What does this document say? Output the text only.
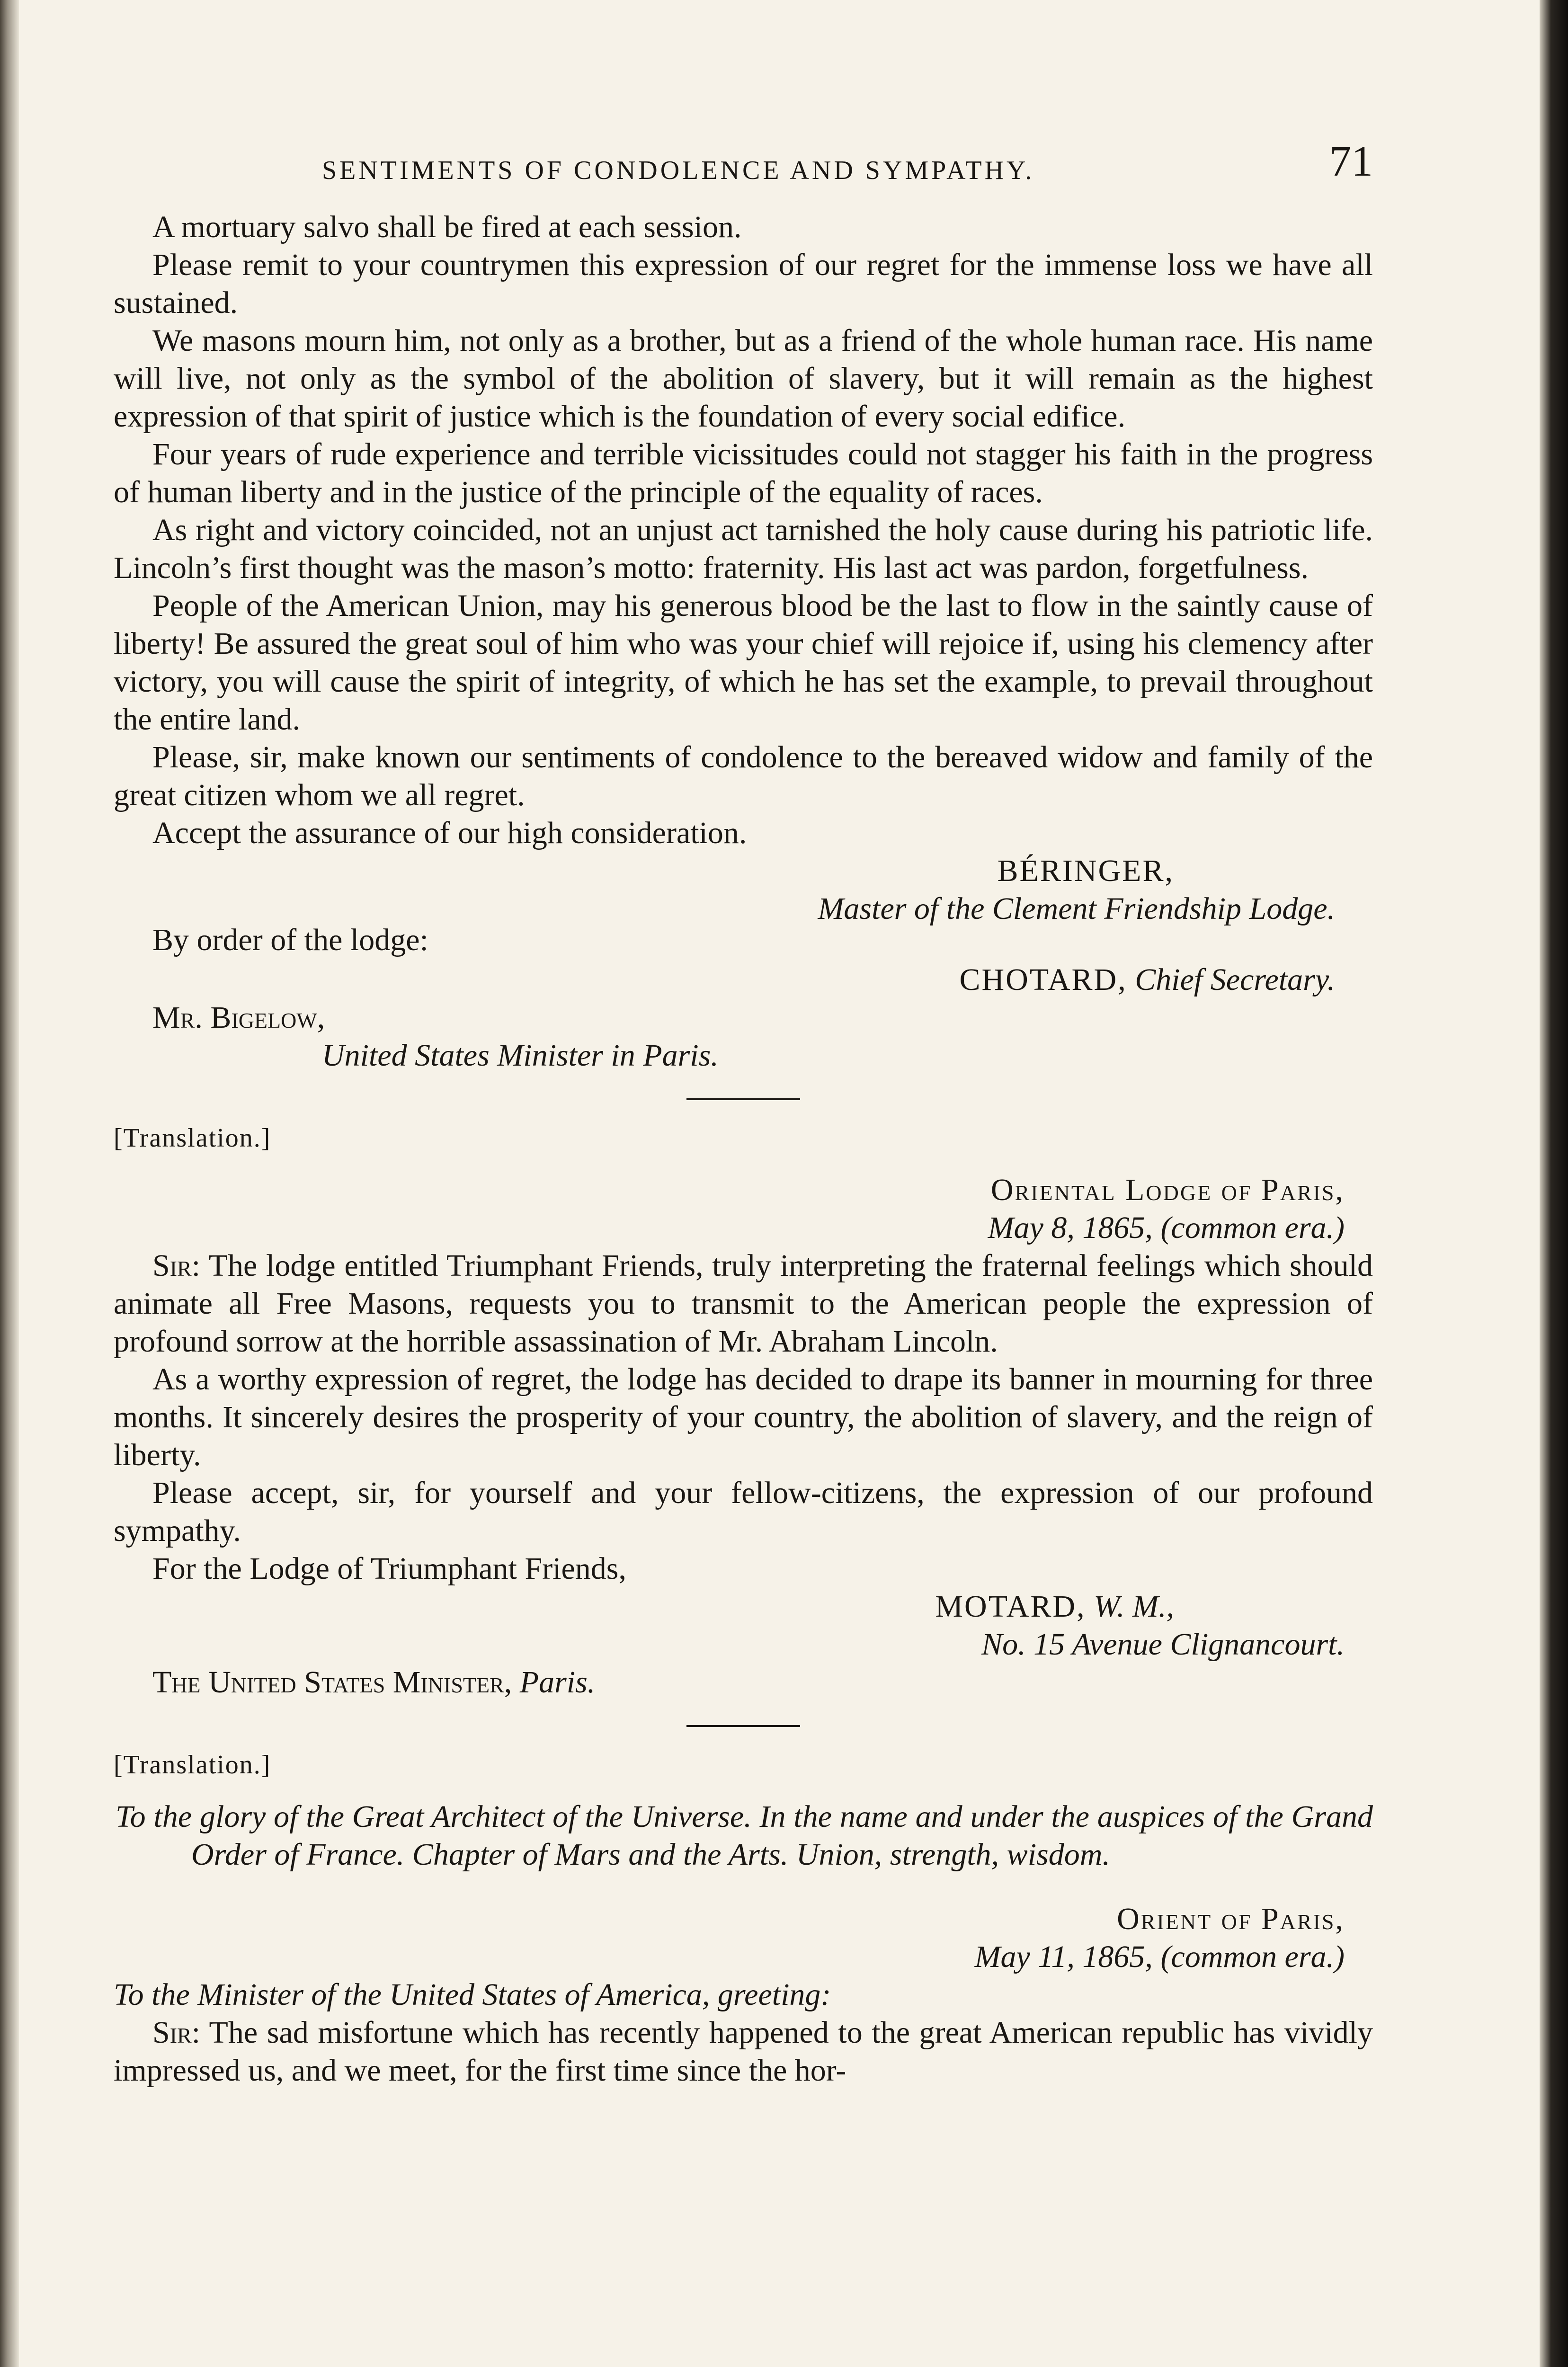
SENTIMENTS OF CONDOLENCE AND SYMPATHY.	71

A mortuary salvo shall be fired at each session.

Please remit to your countrymen this expression of our regret for the immense loss we have all sustained.

We masons mourn him, not only as a brother, but as a friend of the whole human race. His name will live, not only as the symbol of the abolition of slavery, but it will remain as the highest expression of that spirit of justice which is the foundation of every social edifice.

Four years of rude experience and terrible vicissitudes could not stagger his faith in the progress of human liberty and in the justice of the principle of the equality of races.

As right and victory coincided, not an unjust act tarnished the holy cause during his patriotic life. Lincoln’s first thought was the mason’s motto: fraternity. His last act was pardon, forgetfulness.

People of the American Union, may his generous blood be the last to flow in the saintly cause of liberty! Be assured the great soul of him who was your chief will rejoice if, using his clemency after victory, you will cause the spirit of integrity, of which he has set the example, to prevail throughout the entire land.

Please, sir, make known our sentiments of condolence to the bereaved widow and family of the great citizen whom we all regret.

Accept the assurance of our high consideration.

BÉRINGER,

Master of the Clement Friendship Lodge.

By order of the lodge:

CHOTARD, Chief Secretary.

Mr. Bigelow,

United States Minister in Paris.

[Translation.]

Oriental Lodge of Paris,

May 8, 1865, (common era.)

Sir: The lodge entitled Triumphant Friends, truly interpreting the fraternal feelings which should animate all Free Masons, requests you to transmit to the American people the expression of profound sorrow at the horrible assassination of Mr. Abraham Lincoln.

As a worthy expression of regret, the lodge has decided to drape its banner in mourning for three months. It sincerely desires the prosperity of your country, the abolition of slavery, and the reign of liberty.

Please accept, sir, for yourself and your fellow-citizens, the expression of our profound sympathy.

For the Lodge of Triumphant Friends,

MOTARD, W. M.,

No. 15 Avenue Clignancourt.

The United States Minister, Paris.

[Translation.]

To the glory of the Great Architect of the Universe. In the name and under the auspices of the Grand Order of France. Chapter of Mars and the Arts. Union, strength, wisdom.

Orient of Paris,

May 11, 1865, (common era.)

To the Minister of the United States of America, greeting:

Sir: The sad misfortune which has recently happened to the great American republic has vividly impressed us, and we meet, for the first time since the hor-
